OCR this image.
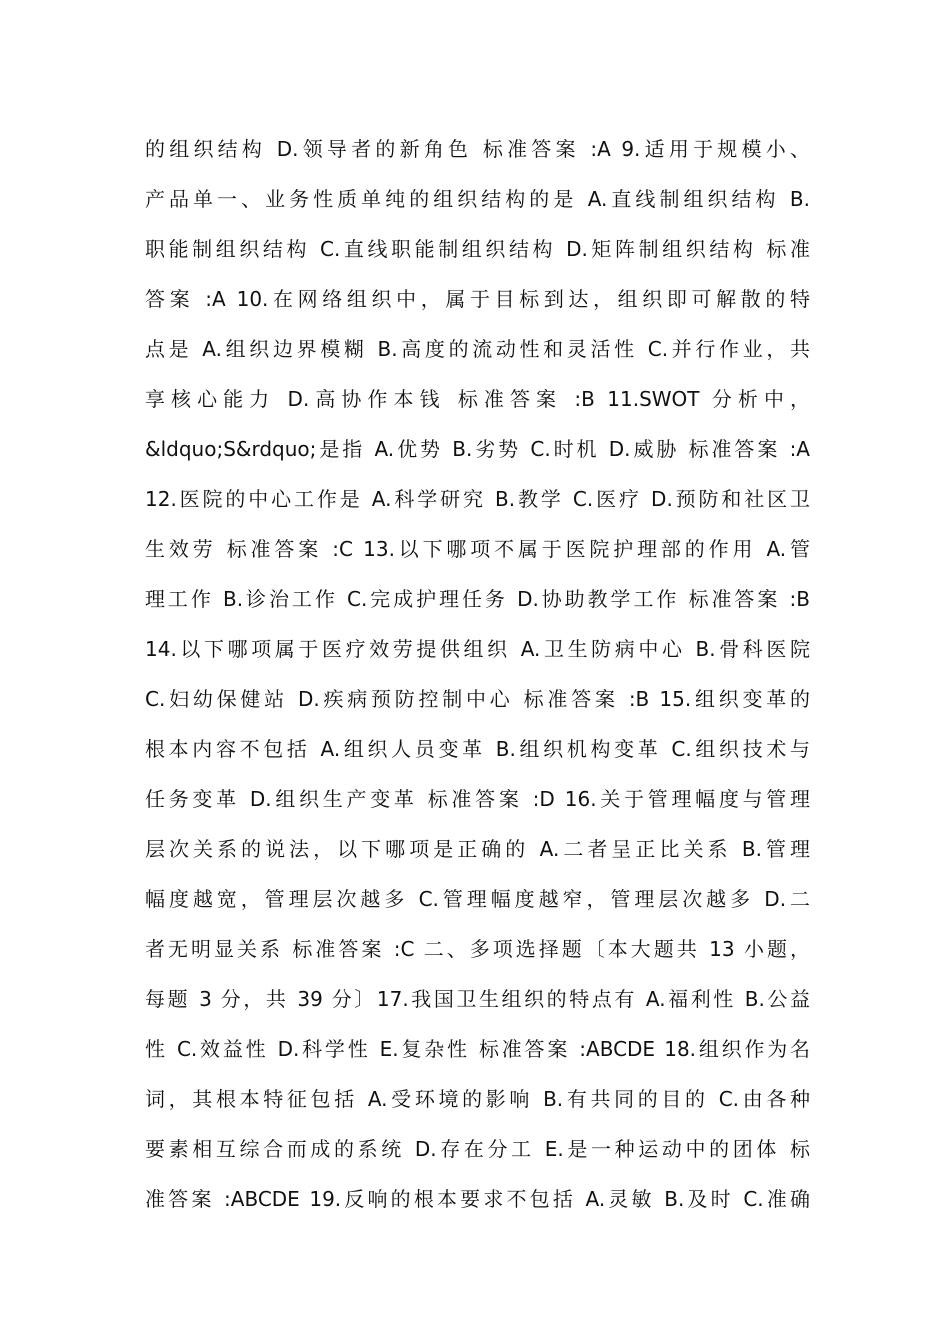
的组织结构 D.领导者的新角色 标准答案 :A 9.适用于规模小、
产品单一、业务性质单纯的组织结构的是 A.直线制组织结构 B.
职能制组织结构 C.直线职能制组织结构 D.矩阵制组织结构 标准
答案 :A 10.在网络组织中，属于目标到达，组织即可解散的特
点是 A.组织边界模糊 B.高度的流动性和灵活性 C.并行作业，共
享核心能力 D.高协作本钱 标准答案 :B 11.SWOT 分析中，
&ldquo;S&rdquo;是指 A.优势 B.劣势 C.时机 D.威胁 标准答案 :A
12.医院的中心工作是 A.科学研究 B.教学 C.医疗 D.预防和社区卫
生效劳 标准答案 :C 13.以下哪项不属于医院护理部的作用 A.管
理工作 B.诊治工作 C.完成护理任务 D.协助教学工作 标准答案 :B
14.以下哪项属于医疗效劳提供组织 A.卫生防病中心 B.骨科医院
C.妇幼保健站 D.疾病预防控制中心 标准答案 :B 15.组织变革的
根本内容不包括 A.组织人员变革 B.组织机构变革 C.组织技术与
任务变革 D.组织生产变革 标准答案 :D 16.关于管理幅度与管理
层次关系的说法，以下哪项是正确的 A.二者呈正比关系 B.管理
幅度越宽，管理层次越多 C.管理幅度越窄，管理层次越多 D.二
者无明显关系 标准答案 :C 二、多项选择题〔本大题共 13 小题，
每题 3 分，共 39 分〕17.我国卫生组织的特点有 A.福利性 B.公益
性 C.效益性 D.科学性 E.复杂性 标准答案 :ABCDE 18.组织作为名
词，其根本特征包括 A.受环境的影响 B.有共同的目的 C.由各种
要素相互综合而成的系统 D.存在分工 E.是一种运动中的团体 标
准答案 :ABCDE 19.反响的根本要求不包括 A.灵敏 B.及时 C.准确
